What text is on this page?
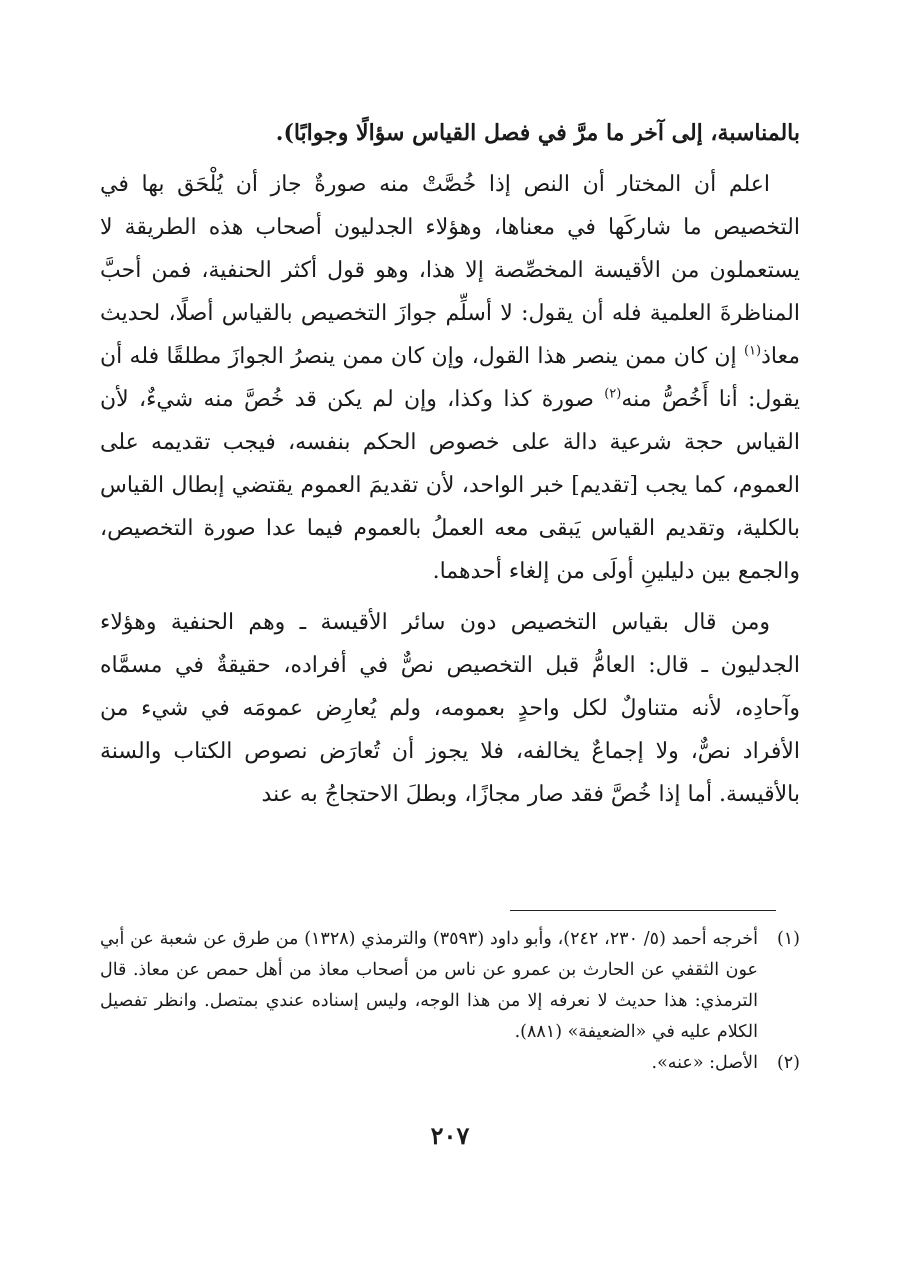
بالمناسبة، إلى آخر ما مرَّ في فصل القياس سؤالًا وجوابًا).

اعلم أن المختار أن النص إذا خُصَّتْ منه صورةٌ جاز أن يُلْحَق بها في التخصيص ما شاركَها في معناها، وهؤلاء الجدليون أصحاب هذه الطريقة لا يستعملون من الأقيسة المخصِّصة إلا هذا، وهو قول أكثر الحنفية، فمن أحبَّ المناظرةَ العلمية فله أن يقول: لا أسلِّم جوازَ التخصيص بالقياس أصلًا، لحديث معاذ$^{(١)}$ إن كان ممن ينصر هذا القول، وإن كان ممن ينصرُ الجوازَ مطلقًا فله أن يقول: أنا أَخُصُّ منه$^{(٢)}$ صورة كذا وكذا، وإن لم يكن قد خُصَّ منه شيءٌ، لأن القياس حجة شرعية دالة على خصوص الحكم بنفسه، فيجب تقديمه على العموم، كما يجب [تقديم] خبر الواحد، لأن تقديمَ العموم يقتضي إبطال القياس بالكلية، وتقديم القياس يَبقى معه العملُ بالعموم فيما عدا صورة التخصيص، والجمع بين دليلينِ أولَى من إلغاء أحدهما.

ومن قال بقياس التخصيص دون سائر الأقيسة ـ وهم الحنفية وهؤلاء الجدليون ـ قال: العامُّ قبل التخصيص نصٌّ في أفراده، حقيقةٌ في مسمَّاه وآحادِه، لأنه متناولٌ لكل واحدٍ بعمومه، ولم يُعارِض عمومَه في شيء من الأفراد نصٌّ، ولا إجماعٌ يخالفه، فلا يجوز أن تُعارَض نصوص الكتاب والسنة بالأقيسة. أما إذا خُصَّ فقد صار مجازًا، وبطلَ الاحتجاجُ به عند

(١)
أخرجه أحمد (٥/ ٢٣٠، ٢٤٢)، وأبو داود (٣٥٩٣) والترمذي (١٣٢٨) من طرق عن شعبة عن أبي عون الثقفي عن الحارث بن عمرو عن ناس من أصحاب معاذ من أهل حمص عن معاذ. قال الترمذي: هذا حديث لا نعرفه إلا من هذا الوجه، وليس إسناده عندي بمتصل. وانظر تفصيل الكلام عليه في «الضعيفة» (٨٨١).

(٢)
الأصل: «عنه».

٢٠٧
